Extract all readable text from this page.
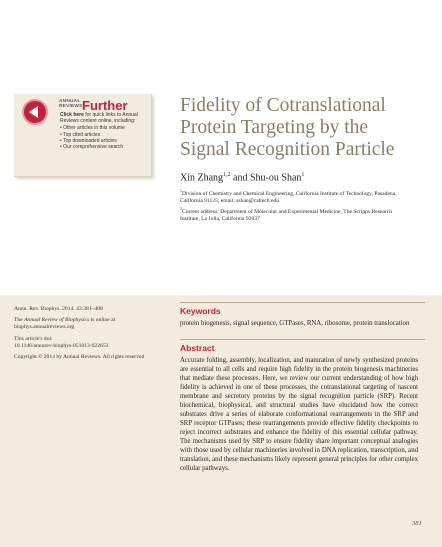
ANNUAL
REVIEWS Further
Click here for quick links to Annual Reviews content online, including:
• Other articles in this volume
• Top cited articles
• Top downloaded articles
• Our comprehensive search
Fidelity of Cotranslational Protein Targeting by the Signal Recognition Particle
Xin Zhang$^{1,2}$ and Shu-ou Shan$^1$
$^1$Division of Chemistry and Chemical Engineering, California Institute of Technology, Pasadena, California 91125; email: sshan@caltech.edu
$^2$Current address: Department of Molecular and Experimental Medicine, The Scripps Research Institute, La Jolla, California 92037

Annu. Rev. Biophys. 2014. 43:381–408

The Annual Review of Biophysics is online at biophys.annualreviews.org

This article's doi:
10.1146/annurev-biophys-051013-022653

Copyright © 2014 by Annual Reviews. All rights reserved

Keywords
protein biogenesis, signal sequence, GTPases, RNA, ribosome, protein translocation
Abstract
Accurate folding, assembly, localization, and maturation of newly synthesized proteins are essential to all cells and require high fidelity in the protein biogenesis machineries that mediate these processes. Here, we review our current understanding of how high fidelity is achieved in one of these processes, the cotranslational targeting of nascent membrane and secretory proteins by the signal recognition particle (SRP). Recent biochemical, biophysical, and structural studies have elucidated how the correct substrates drive a series of elaborate conformational rearrangements in the SRP and SRP receptor GTPases; these rearrangements provide effective fidelity checkpoints to reject incorrect substrates and enhance the fidelity of this essential cellular pathway. The mechanisms used by SRP to ensure fidelity share important conceptual analogies with those used by cellular machineries involved in DNA replication, transcription, and translation, and these mechanisms likely represent general principles for other complex cellular pathways.
381
